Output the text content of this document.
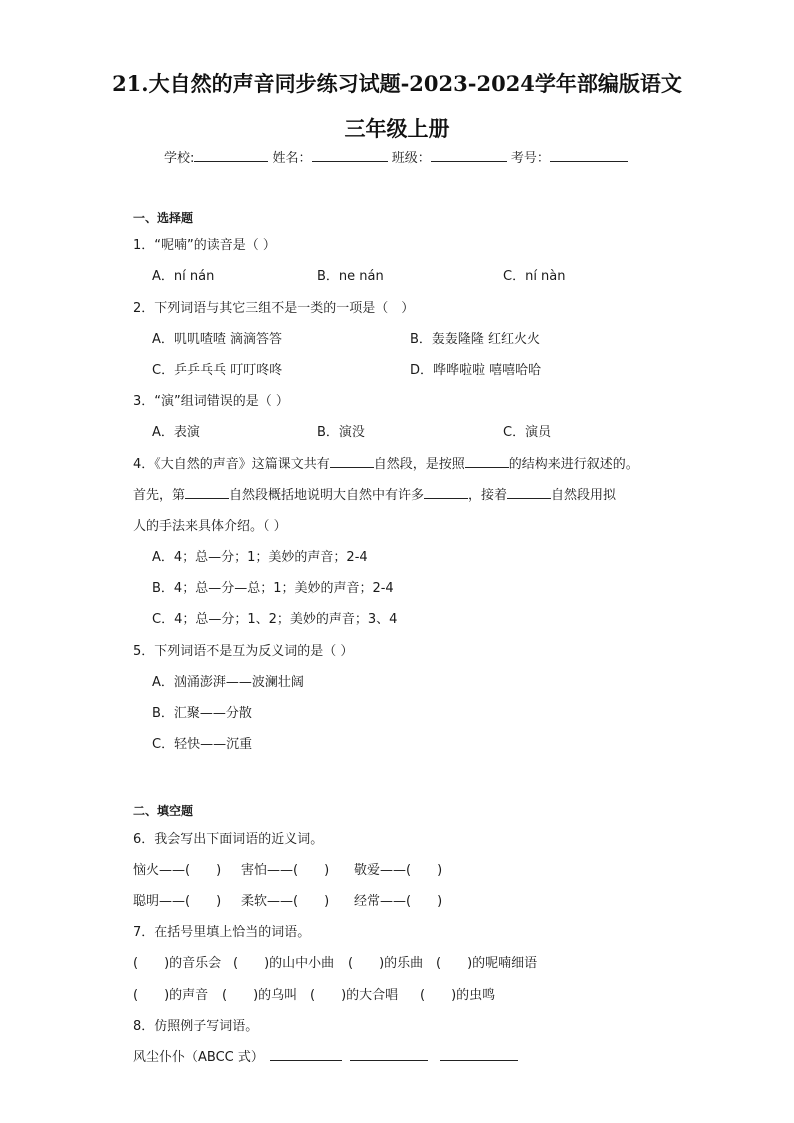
21.大自然的声音同步练习试题-2023-2024学年部编版语文
三年级上册
学校:	姓名：	班级：	考号：
一、选择题
1．“呢喃”的读音是（ ）
A．ní nán	B．ne nán	C．ní nàn
2．下列词语与其它三组不是一类的一项是（　）
A．叽叽喳喳 滴滴答答	B．轰轰隆隆 红红火火
C．乒乒乓乓 叮叮咚咚	D．哗哗啦啦 嘻嘻哈哈
3．“演”组词错误的是（ ）
A．表演	B．演没	C．演员
4．《大自然的声音》这篇课文共有	自然段，是按照	的结构来进行叙述的。
首先，第	自然段概括地说明大自然中有许多	，接着	自然段用拟
人的手法来具体介绍。（ ）
A．4；总—分；1；美妙的声音；2-4
B．4；总—分—总；1；美妙的声音；2-4
C．4；总—分；1、2；美妙的声音；3、4
5．下列词语不是互为反义词的是（ ）
A．汹涌澎湃——波澜壮阔
B．汇聚——分散
C．轻快——沉重
二、填空题
6．我会写出下面词语的近义词。
恼火——(　　) 害怕——(　　) 敬爱——(　　)
聪明——(　　) 柔软——(　　) 经常——(　　)
7．在括号里填上恰当的词语。
(　　)的音乐会 (　　)的山中小曲 (　　)的乐曲 (　　)的呢喃细语
(　　)的声音 (　　)的乌叫 (　　)的大合唱 (　　)的虫鸣
8．仿照例子写词语。
风尘仆仆（ABCC 式）
